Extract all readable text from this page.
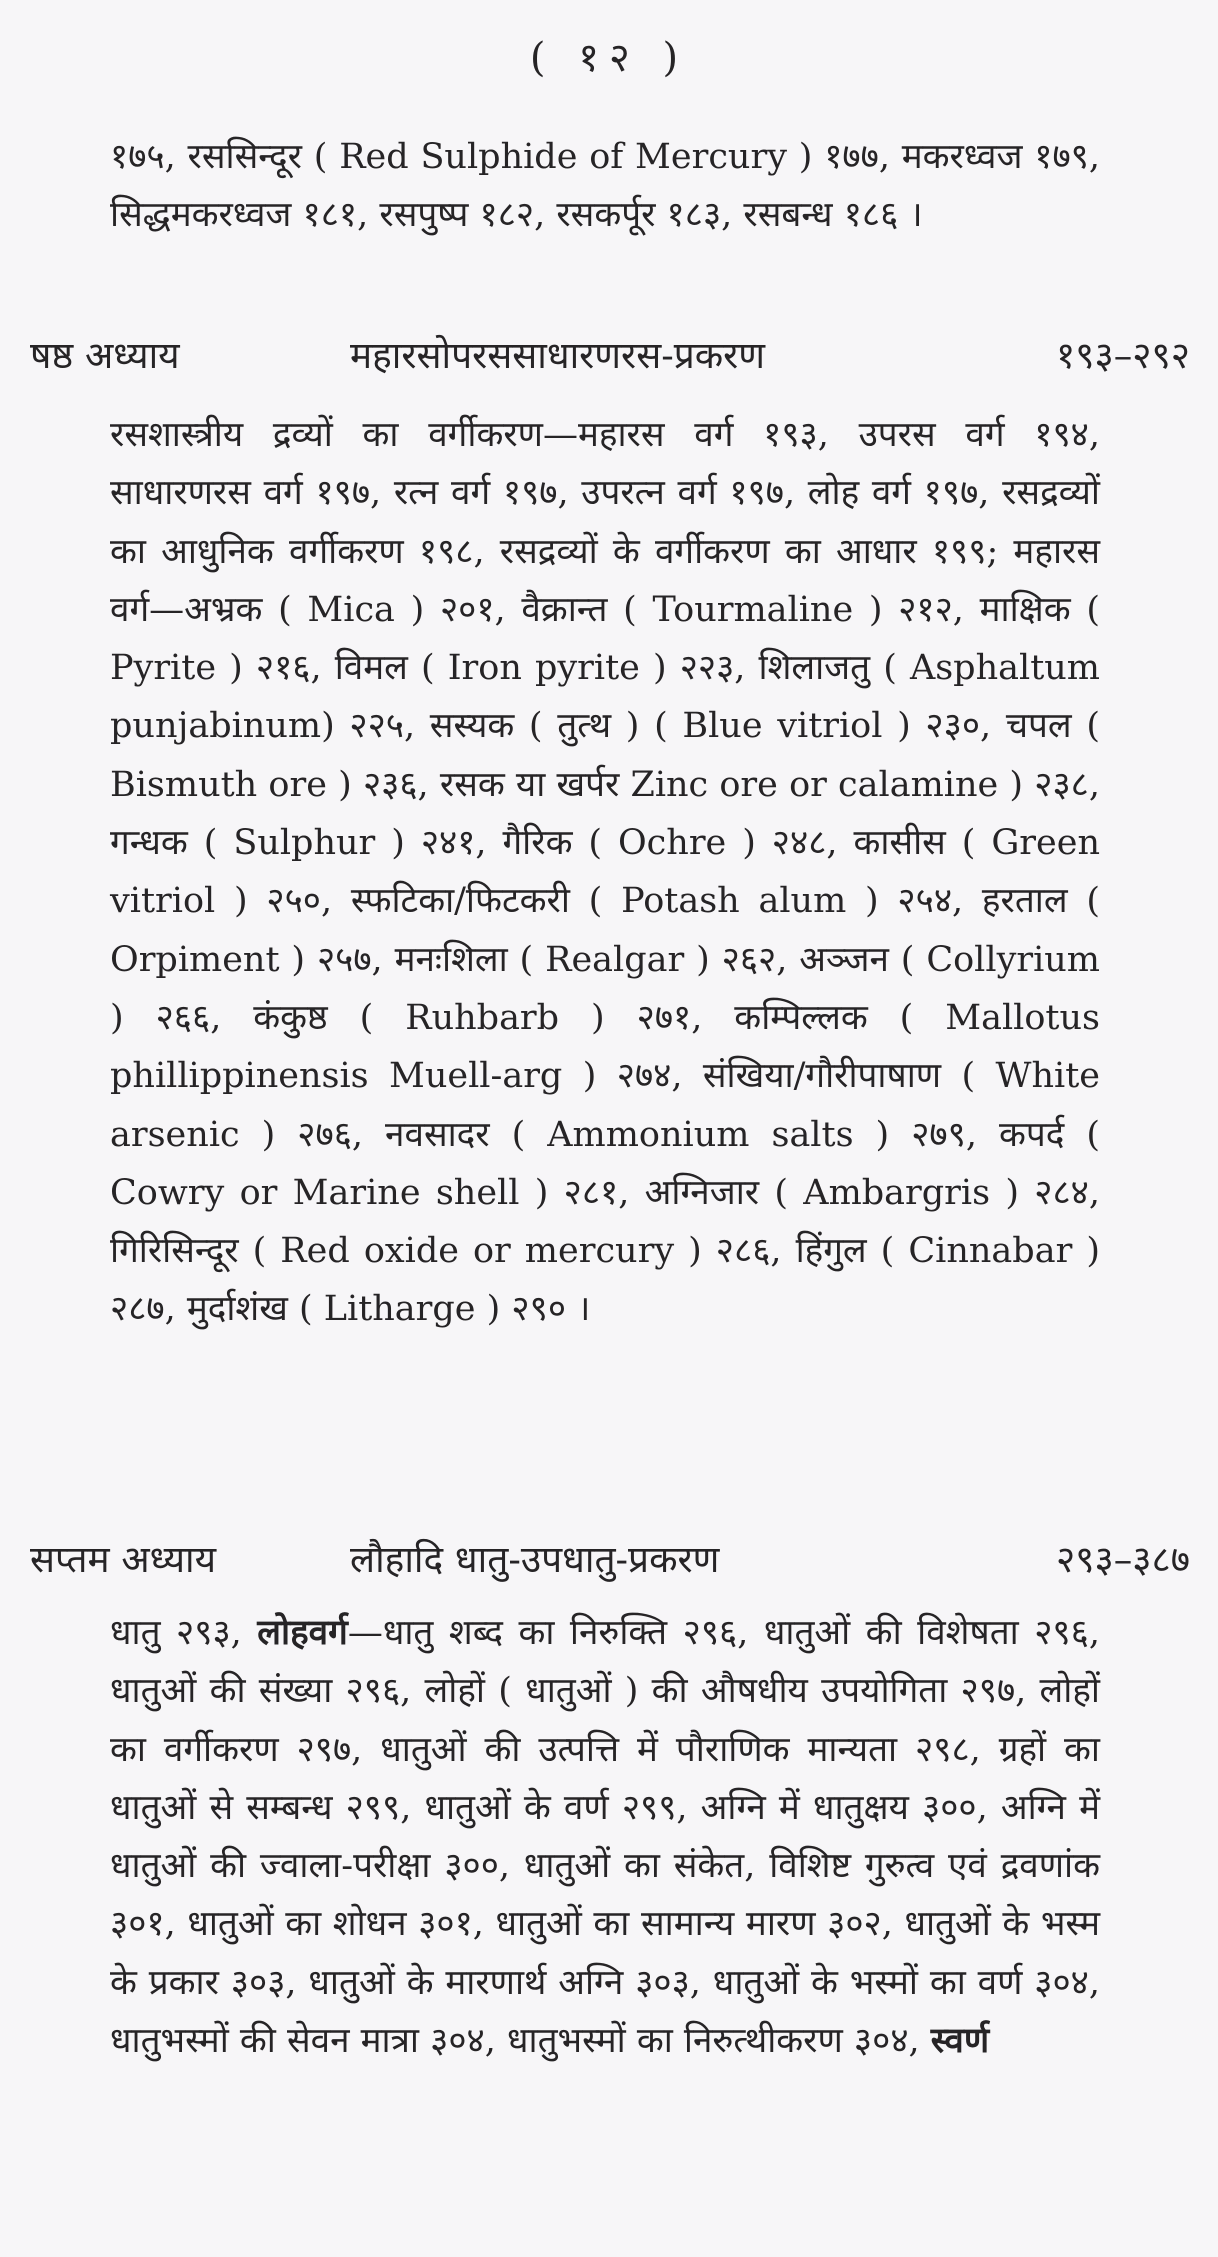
( १२ )

१७५, रससिन्दूर ( Red Sulphide of Mercury ) १७७, मकरध्वज १७९, सिद्धमकरध्वज १८१, रसपुष्प १८२, रसकर्पूर १८३, रसबन्ध १८६ ।

षष्ठ अध्याय	महारसोपरससाधारणरस-प्रकरण	१९३–२९२

रसशास्त्रीय द्रव्यों का वर्गीकरण—महारस वर्ग १९३, उपरस वर्ग १९४, साधारणरस वर्ग १९७, रत्न वर्ग १९७, उपरत्न वर्ग १९७, लोह वर्ग १९७, रसद्रव्यों का आधुनिक वर्गीकरण १९८, रसद्रव्यों के वर्गीकरण का आधार १९९; महारस वर्ग—अभ्रक ( Mica ) २०१, वैक्रान्त ( Tourmaline ) २१२, माक्षिक ( Pyrite ) २१६, विमल ( Iron pyrite ) २२३, शिलाजतु ( Asphaltum punjabinum) २२५, सस्यक ( तुत्थ ) ( Blue vitriol ) २३०, चपल ( Bismuth ore ) २३६, रसक या खर्पर Zinc ore or calamine ) २३८, गन्धक ( Sulphur ) २४१, गैरिक ( Ochre ) २४८, कासीस ( Green vitriol ) २५०, स्फटिका/फिटकरी ( Potash alum ) २५४, हरताल ( Orpiment ) २५७, मनःशिला ( Realgar ) २६२, अञ्जन ( Collyrium ) २६६, कंकुष्ठ ( Ruhbarb ) २७१, कम्पिल्लक ( Mallotus phillippinensis Muell-arg ) २७४, संखिया/गौरीपाषाण ( White arsenic ) २७६, नवसादर ( Ammonium salts ) २७९, कपर्द ( Cowry or Marine shell ) २८१, अग्निजार ( Ambargris ) २८४, गिरिसिन्दूर ( Red oxide or mercury ) २८६, हिंगुल ( Cinnabar ) २८७, मुर्दाशंख ( Litharge ) २९० ।

सप्तम अध्याय	लौहादि धातु-उपधातु-प्रकरण	२९३–३८७

धातु २९३, लोहवर्ग—धातु शब्द का निरुक्ति २९६, धातुओं की विशेषता २९६, धातुओं की संख्या २९६, लोहों ( धातुओं ) की औषधीय उपयोगिता २९७, लोहों का वर्गीकरण २९७, धातुओं की उत्पत्ति में पौराणिक मान्यता २९८, ग्रहों का धातुओं से सम्बन्ध २९९, धातुओं के वर्ण २९९, अग्नि में धातुक्षय ३००, अग्नि में धातुओं की ज्वाला-परीक्षा ३००, धातुओं का संकेत, विशिष्ट गुरुत्व एवं द्रवणांक ३०१, धातुओं का शोधन ३०१, धातुओं का सामान्य मारण ३०२, धातुओं के भस्म के प्रकार ३०३, धातुओं के मारणार्थ अग्नि ३०३, धातुओं के भस्मों का वर्ण ३०४, धातुभस्मों की सेवन मात्रा ३०४, धातुभस्मों का निरुत्थीकरण ३०४, स्वर्ण
